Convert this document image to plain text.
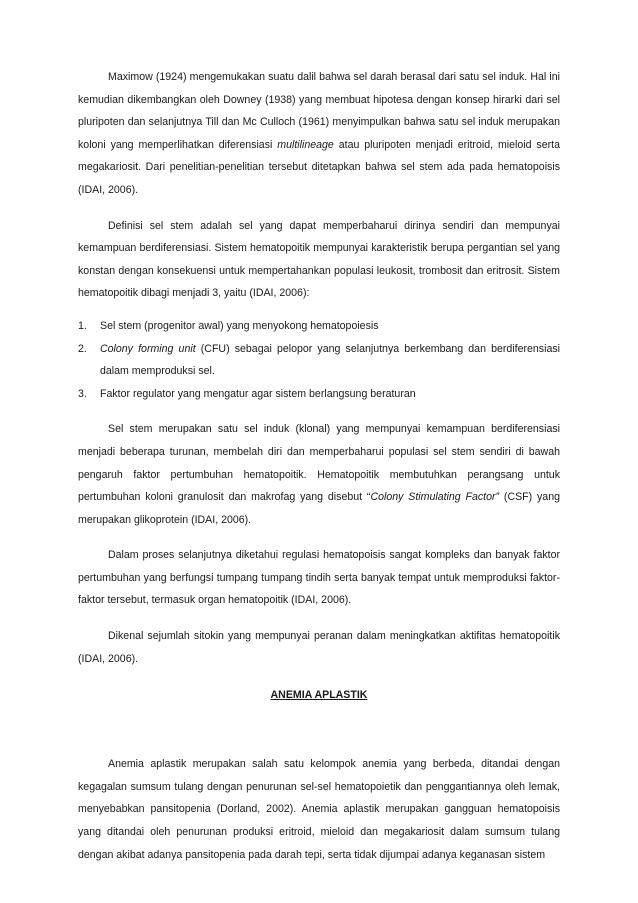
Maximow (1924) mengemukakan suatu dalil bahwa sel darah berasal dari satu sel induk. Hal ini kemudian dikembangkan oleh Downey (1938) yang membuat hipotesa dengan konsep hirarki dari sel pluripoten dan selanjutnya Till dan Mc Culloch (1961) menyimpulkan bahwa satu sel induk merupakan koloni yang memperlihatkan diferensiasi multilineage atau pluripoten menjadi eritroid, mieloid serta megakariosit. Dari penelitian-penelitian tersebut ditetapkan bahwa sel stem ada pada hematopoisis (IDAI, 2006).

Definisi sel stem adalah sel yang dapat memperbaharui dirinya sendiri dan mempunyai kemampuan berdiferensiasi. Sistem hematopoitik mempunyai karakteristik berupa pergantian sel yang konstan dengan konsekuensi untuk mempertahankan populasi leukosit, trombosit dan eritrosit. Sistem hematopoitik dibagi menjadi 3, yaitu (IDAI, 2006):

1. Sel stem (progenitor awal) yang menyokong hematopoiesis
2. Colony forming unit (CFU) sebagai pelopor yang selanjutnya berkembang dan berdiferensiasi dalam memproduksi sel.
3. Faktor regulator yang mengatur agar sistem berlangsung beraturan

Sel stem merupakan satu sel induk (klonal) yang mempunyai kemampuan berdiferensiasi menjadi beberapa turunan, membelah diri dan memperbaharui populasi sel stem sendiri di bawah pengaruh faktor pertumbuhan hematopoitik. Hematopoitik membutuhkan perangsang untuk pertumbuhan koloni granulosit dan makrofag yang disebut “Colony Stimulating Factor” (CSF) yang merupakan glikoprotein (IDAI, 2006).

Dalam proses selanjutnya diketahui regulasi hematopoisis sangat kompleks dan banyak faktor pertumbuhan yang berfungsi tumpang tumpang tindih serta banyak tempat untuk memproduksi faktor-faktor tersebut, termasuk organ hematopoitik (IDAI, 2006).

Dikenal sejumlah sitokin yang mempunyai peranan dalam meningkatkan aktifitas hematopoitik (IDAI, 2006).

ANEMIA APLASTIK

Anemia aplastik merupakan salah satu kelompok anemia yang berbeda, ditandai dengan kegagalan sumsum tulang dengan penurunan sel-sel hematopoietik dan penggantiannya oleh lemak, menyebabkan pansitopenia (Dorland, 2002). Anemia aplastik merupakan gangguan hematopoisis yang ditandai oleh penurunan produksi eritroid, mieloid dan megakariosit dalam sumsum tulang dengan akibat adanya pansitopenia pada darah tepi, serta tidak dijumpai adanya keganasan sistem
